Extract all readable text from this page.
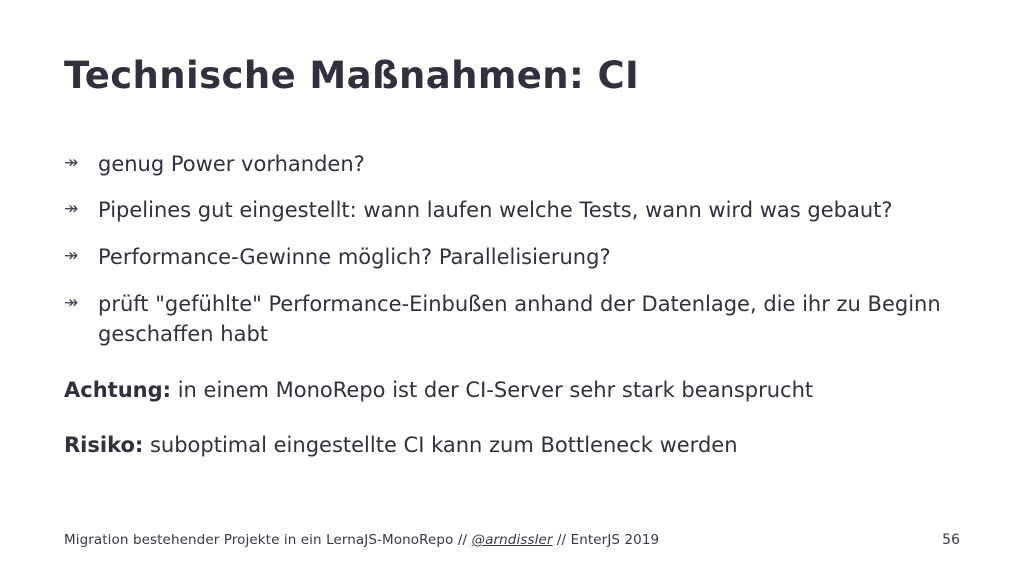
Technische Maßnahmen: CI
↠ genug Power vorhanden?
↠ Pipelines gut eingestellt: wann laufen welche Tests, wann wird was gebaut?
↠ Performance-Gewinne möglich? Parallelisierung?
↠ prüft "gefühlte" Performance-Einbußen anhand der Datenlage, die ihr zu Beginn geschaffen habt

Achtung: in einem MonoRepo ist der CI-Server sehr stark beansprucht

Risiko: suboptimal eingestellte CI kann zum Bottleneck werden

Migration bestehender Projekte in ein LernaJS-MonoRepo // @arndissler // EnterJS 2019	56
